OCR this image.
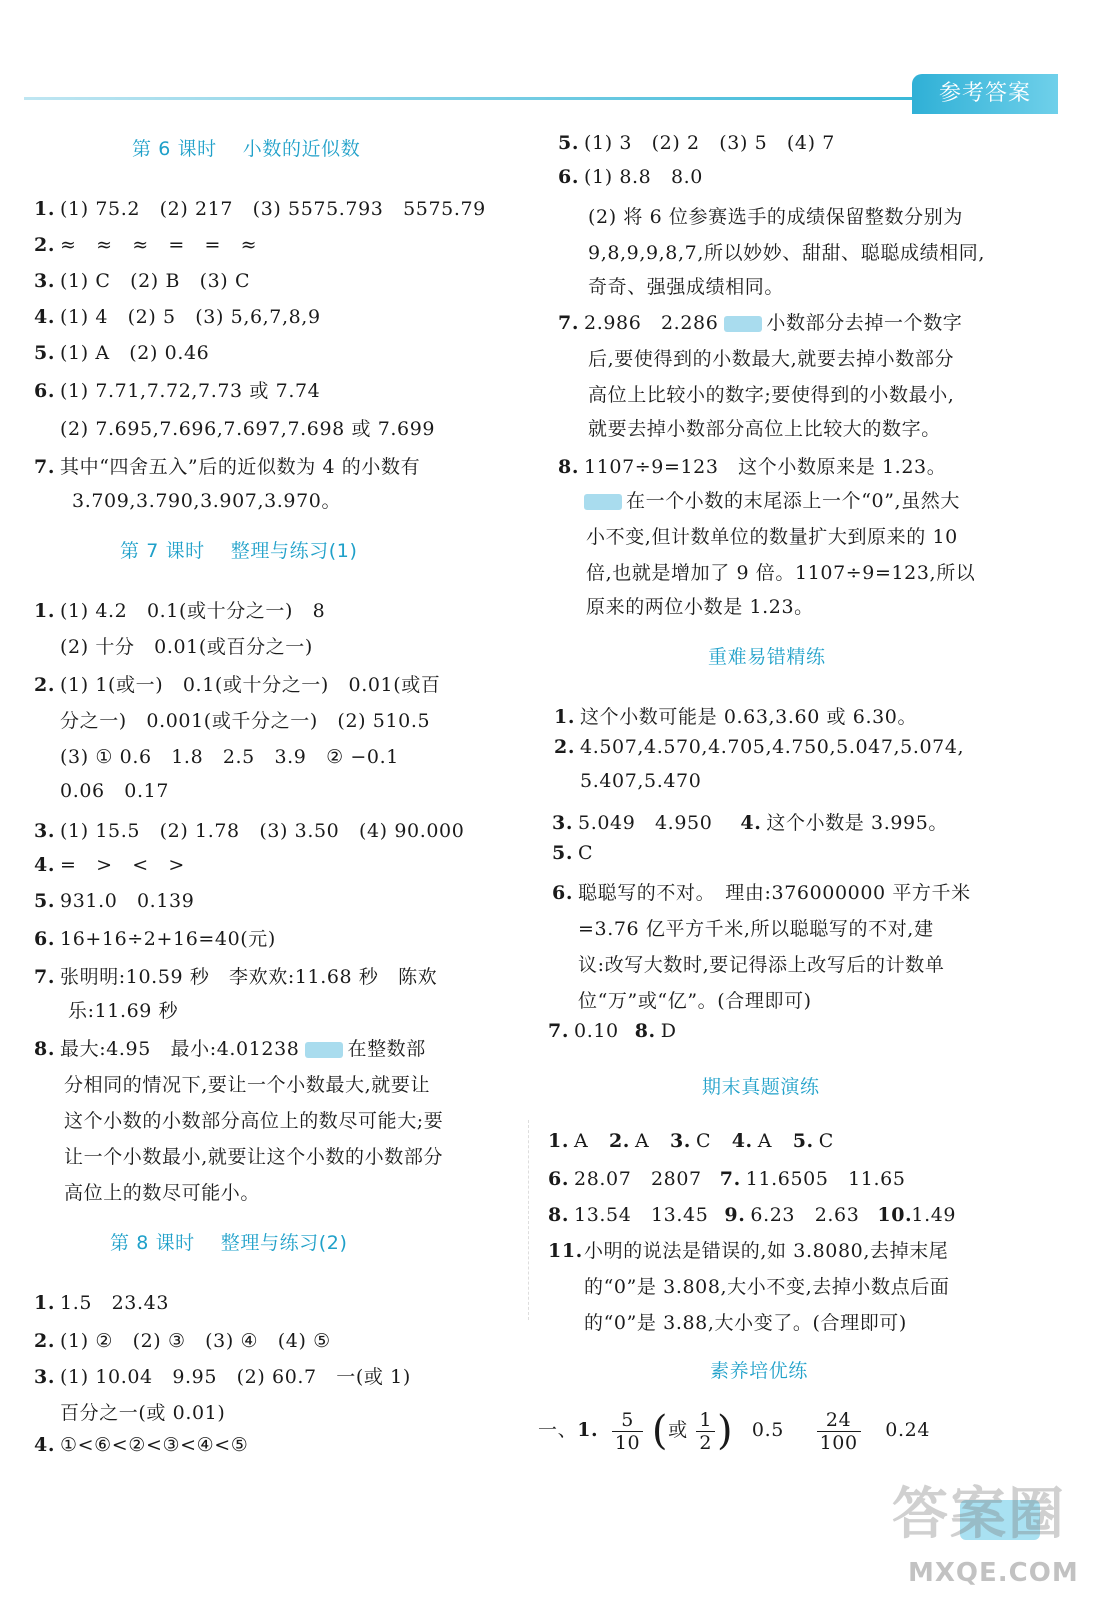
参考答案
第 6 课时 小数的近似数
1. (1) 75.2　(2) 217　(3) 5575.793　5575.79
2. ≈　≈　≈　=　=　≈
3. (1) C　(2) B　(3) C
4. (1) 4　(2) 5　(3) 5,6,7,8,9
5. (1) A　(2) 0.46
6. (1) 7.71,7.72,7.73 或 7.74
(2) 7.695,7.696,7.697,7.698 或 7.699
7. 其中“四舍五入”后的近似数为 4 的小数有
3.709,3.790,3.907,3.970。
第 7 课时 整理与练习(1)
1. (1) 4.2　0.1(或十分之一)　8
(2) 十分　0.01(或百分之一)
2. (1) 1(或一)　0.1(或十分之一)　0.01(或百
分之一)　0.001(或千分之一)　(2) 510.5
(3) ① 0.6　1.8　2.5　3.9　② −0.1
0.06　0.17
3. (1) 15.5　(2) 1.78　(3) 3.50　(4) 90.000
4. =　>　<　>
5. 931.0　0.139
6. 16+16÷2+16=40(元)
7. 张明明:10.59 秒　李欢欢:11.68 秒　陈欢
乐:11.69 秒
8. 最大:4.95　最小:4.01238	在整数部
分相同的情况下,要让一个小数最大,就要让
这个小数的小数部分高位上的数尽可能大;要
让一个小数最小,就要让这个小数的小数部分
高位上的数尽可能小。
第 8 课时 整理与练习(2)
1. 1.5　23.43
2. (1) ②　(2) ③　(3) ④　(4) ⑤
3. (1) 10.04　9.95　(2) 60.7　一(或 1)
百分之一(或 0.01)
4. ①<⑥<②<③<④<⑤
5. (1) 3　(2) 2　(3) 5　(4) 7
6. (1) 8.8　8.0
(2) 将 6 位参赛选手的成绩保留整数分别为
9,8,9,9,8,7,所以妙妙、甜甜、聪聪成绩相同,
奇奇、强强成绩相同。
7. 2.986　2.286	小数部分去掉一个数字
后,要使得到的小数最大,就要去掉小数部分
高位上比较小的数字;要使得到的小数最小,
就要去掉小数部分高位上比较大的数字。
8. 1107÷9=123　这个小数原来是 1.23。
在一个小数的末尾添上一个“0”,虽然大
小不变,但计数单位的数量扩大到原来的 10
倍,也就是增加了 9 倍。1107÷9=123,所以
原来的两位小数是 1.23。
重难易错精练
1. 这个小数可能是 0.63,3.60 或 6.30。
2. 4.507,4.570,4.705,4.750,5.047,5.074,
5.407,5.470
3. 5.049　4.950 4. 这个小数是 3.995。
5. C
6. 聪聪写的不对。　理由:376000000 平方千米
=3.76 亿平方千米,所以聪聪写的不对,建
议:改写大数时,要记得添上改写后的计数单
位“万”或“亿”。(合理即可)
7. 0.10 8. D
期末真题演练
1. A 2. A 3. C 4. A 5. C
6. 28.07　2807 7. 11.6505　11.65
8. 13.54　13.45 9. 6.23　2.63 10.1.49
11.小明的说法是错误的,如 3.8080,去掉末尾
的“0”是 3.808,大小不变,去掉小数点后面
的“0”是 3.88,大小变了。(合理即可)
素养培优练
一、1. $\frac{5}{10}$ (或 $\frac{1}{2}$ ) $0.5 \frac{24}{100} 0.24$
答案圈
MXQE.COM
